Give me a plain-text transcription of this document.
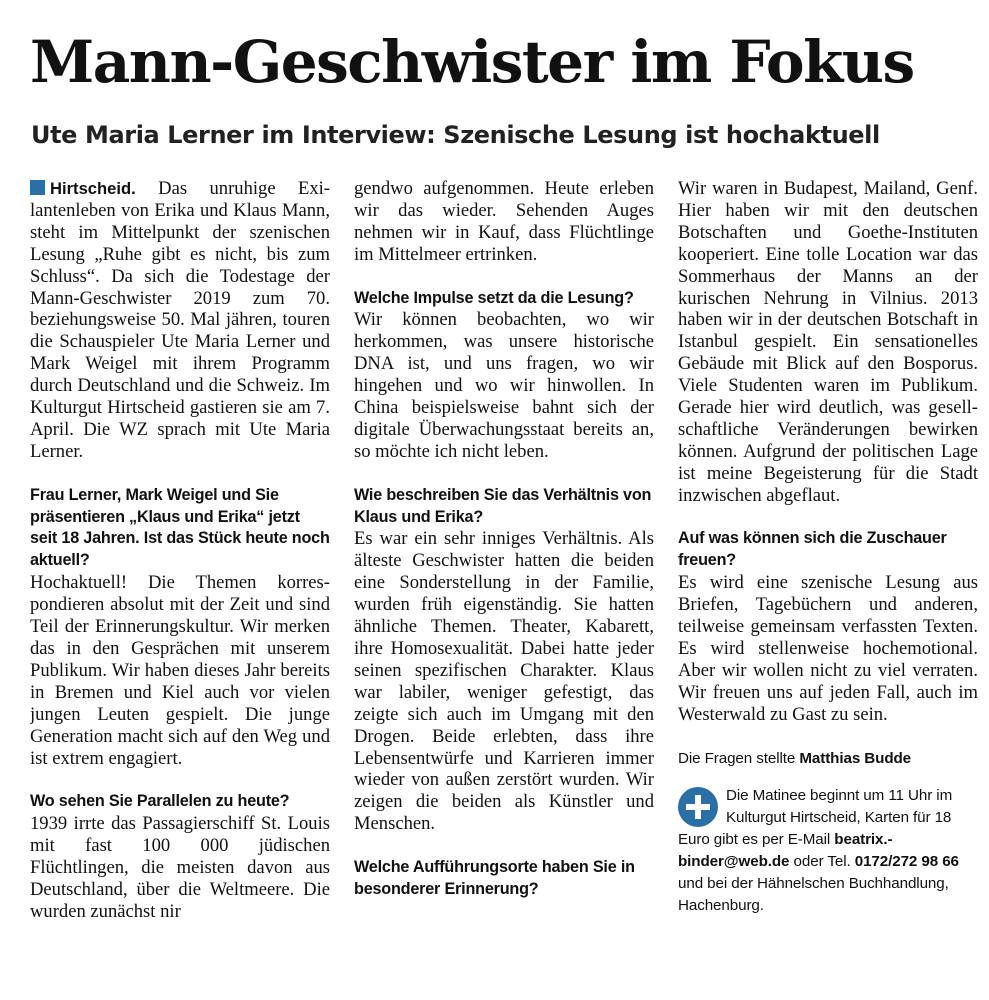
Mann-Geschwister im Fokus
Ute Maria Lerner im Interview: Szenische Lesung ist hochaktuell

Hirtscheid. Das unruhige Exilantenleben von Erika und Klaus Mann, steht im Mittelpunkt der szenischen Lesung „Ruhe gibt es nicht, bis zum Schluss“. Da sich die Todestage der Mann-Geschwister 2019 zum 70. beziehungsweise 50. Mal jähren, touren die Schauspieler Ute Maria Lerner und Mark Weigel mit ihrem Programm durch Deutschland und die Schweiz. Im Kulturgut Hirtscheid gastieren sie am 7. April. Die WZ sprach mit Ute Maria Lerner.

Frau Lerner, Mark Weigel und Sie präsentieren „Klaus und Erika“ jetzt seit 18 Jahren. Ist das Stück heute noch aktuell?

Hochaktuell! Die Themen korrespondieren absolut mit der Zeit und sind Teil der Erinnerungskultur. Wir merken das in den Gesprächen mit unserem Publikum. Wir haben dieses Jahr bereits in Bremen und Kiel auch vor vielen jungen Leuten gespielt. Die junge Generation macht sich auf den Weg und ist extrem engagiert.

Wo sehen Sie Parallelen zu heute?

1939 irrte das Passagierschiff St. Louis mit fast 100 000 jüdischen Flüchtlingen, die meisten davon aus Deutschland, über die Weltmeere. Die wurden zunächst nir

gendwo aufgenommen. Heute erleben wir das wieder. Sehenden Auges nehmen wir in Kauf, dass Flüchtlinge im Mittelmeer ertrinken.

Welche Impulse setzt da die Lesung?

Wir können beobachten, wo wir herkommen, was unsere historische DNA ist, und uns fragen, wo wir hingehen und wo wir hinwollen. In China beispielsweise bahnt sich der digitale Überwachungsstaat bereits an, so möchte ich nicht leben.

Wie beschreiben Sie das Verhältnis von Klaus und Erika?

Es war ein sehr inniges Verhältnis. Als älteste Geschwister hatten die beiden eine Sonderstellung in der Familie, wurden früh eigenständig. Sie hatten ähnliche Themen. Theater, Kabarett, ihre Homosexualität. Dabei hatte jeder seinen spezifischen Charakter. Klaus war labiler, weniger gefestigt, das zeigte sich auch im Umgang mit den Drogen. Beide erlebten, dass ihre Lebensentwürfe und Karrieren immer wieder von außen zerstört wurden. Wir zeigen die beiden als Künstler und Menschen.

Welche Aufführungsorte haben Sie in besonderer Erinnerung?

Wir waren in Budapest, Mailand, Genf. Hier haben wir mit den deutschen Botschaften und Goethe-Instituten kooperiert. Eine tolle Location war das Sommerhaus der Manns an der kurischen Nehrung in Vilnius. 2013 haben wir in der deutschen Botschaft in Istanbul gespielt. Ein sensationelles Gebäude mit Blick auf den Bosporus. Viele Studenten waren im Publikum. Gerade hier wird deutlich, was gesellschaftliche Veränderungen bewirken können. Aufgrund der politischen Lage ist meine Begeisterung für die Stadt inzwischen abgeflaut.

Auf was können sich die Zuschauer freuen?

Es wird eine szenische Lesung aus Briefen, Tagebüchern und anderen, teilweise gemeinsam verfassten Texten. Es wird stellenweise hochemotional. Aber wir wollen nicht zu viel verraten. Wir freuen uns auf jeden Fall, auch im Westerwald zu Gast zu sein.

Die Fragen stellte Matthias Budde

Die Matinee beginnt um 11 Uhr im Kulturgut Hirtscheid, Karten für 18 Euro gibt es per E-Mail beatrix.binder@web.de oder Tel. 0172/272 98 66 und bei der Hähnelschen Buchhandlung, Hachenburg.
